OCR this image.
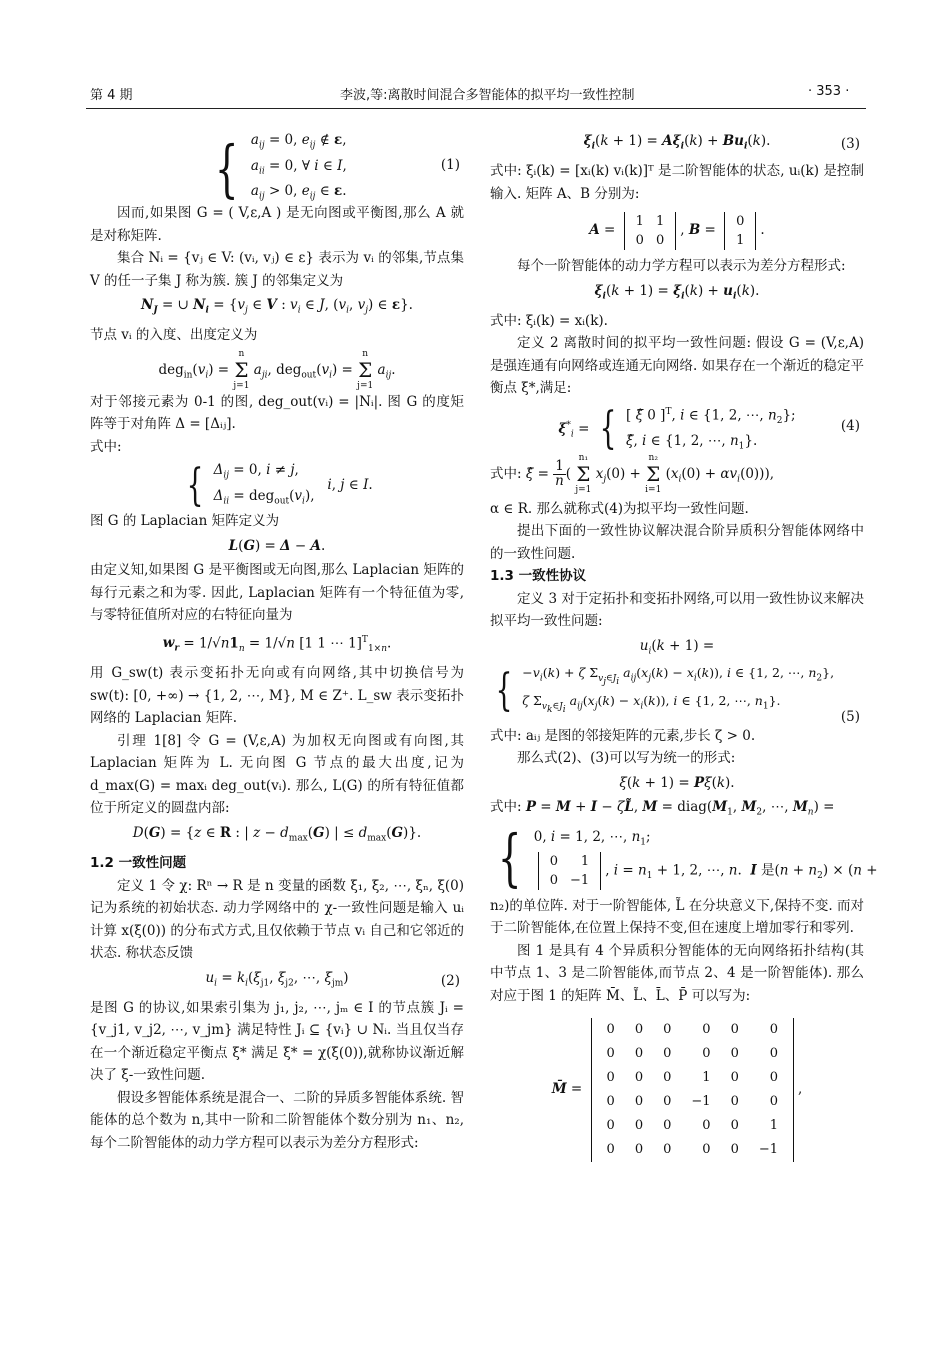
第 4 期	李波,等:离散时间混合多智能体的拟平均一致性控制	· 353 ·
{ $a_{ij} = 0$, $e_{ij}$ ∉ ε,
$a_{ii} = 0$, ∀ i ∈ I,
$a_{ij} > 0$, $e_{ij}$ ∈ ε.
(1)

因而,如果图 G = ( V,ε,A ) 是无向图或平衡图,那么 A 就是对称矩阵.

集合 Nᵢ = {vⱼ ∈ V: (vᵢ, vⱼ) ∈ ε} 表示为 vᵢ 的邻集,节点集 V 的任一子集 J 称为簇. 簇 J 的邻集定义为

$N_J$ = ∪ $N_i = \{v_j$ ∈ V : $v_i$ ∈ J, ($v_i$, $v_j$) ∈ ε}.

节点 vᵢ 的入度、出度定义为

$deg_{in}(v_i) = n$
Σ
j=1 $a_{ji}$, $deg_{out}(v_i) = n$
Σ
j=1 $a_{ij}$.

对于邻接元素为 0-1 的图, deg_out(vᵢ) = |Nᵢ|. 图 G 的度矩阵等于对角阵 Δ = [Δᵢⱼ].

式中:

{ $\Delta_{ij} = 0$, i ≠ j,
$\Delta_{ii} = deg_{out}(v_i)$,   i, j ∈ I.

图 G 的 Laplacian 矩阵定义为

L(G) = Δ − A.

由定义知,如果图 G 是平衡图或无向图,那么 Laplacian 矩阵的每行元素之和为零. 因此, Laplacian 矩阵有一个特征值为零,与零特征值所对应的右特征向量为

$w_r = 1/√n1_n = 1/√n$ [1 1 ⋯ 1]$^T_{1\times n}$.

用 G_sw(t) 表示变拓扑无向或有向网络,其中切换信号为 sw(t): [0, +∞) → {1, 2, ⋯, M}, M ∈ Z⁺. L_sw 表示变拓扑网络的 Laplacian 矩阵.

引理 1[8] 令 G = (V,ε,A) 为加权无向图或有向图,其 Laplacian 矩阵为 L. 无向图 G 节点的最大出度,记为 d_max(G) = maxᵢ deg_out(vᵢ). 那么, L(G) 的所有特征值都位于所定义的圆盘内部:

D(G) = {z ∈ R : | $z - d_{max}(G)$ | ≤ $d_{max}(G)$}.

1.2 一致性问题

定义 1 令 χ: Rⁿ → R 是 n 变量的函数 ξ₁, ξ₂, ⋯, ξₙ, ξ(0) 记为系统的初始状态. 动力学网络中的 χ-一致性问题是输入 uᵢ 计算 x(ξ(0)) 的分布式方式,且仅依赖于节点 vᵢ 自己和它邻近的状态. 称状态反馈

$u_i = k_i(\xi_{j1}$, $\xi_{j2}$, ⋯, $\xi_{jm}$)	(2)

是图 G 的协议,如果索引集为 j₁, j₂, ⋯, jₘ ∈ I 的节点簇 Jᵢ = {v_j1, v_j2, ⋯, v_jm} 满足特性 Jᵢ ⊆ {vᵢ} ∪ Nᵢ. 当且仅当存在一个渐近稳定平衡点 ξ* 满足 ξ* = χ(ξ(0)),就称协议渐近解决了 ξ-一致性问题.

假设多智能体系统是混合一、二阶的异质多智能体系统. 智能体的总个数为 n,其中一阶和二阶智能体个数分别为 n₁、n₂,每个二阶智能体的动力学方程可以表示为差分方程形式:

$\xi_i(k + 1) = A\xi_i(k) + Bu_i(k)$.	(3)

式中: ξᵢ(k) = [xᵢ(k) vᵢ(k)]ᵀ 是二阶智能体的状态, uᵢ(k) 是控制输入. 矩阵 A、B 分别为:

A =
1	1
0	0
, B =
0
1
.

每个一阶智能体的动力学方程可以表示为差分方程形式:

$\xi_i(k + 1) = \xi_i(k) + u_i(k)$.

式中: ξᵢ(k) = xᵢ(k).

定义 2 离散时间的拟平均一致性问题: 假设 G = (V,ε,A) 是强连通有向网络或连通无向网络. 如果存在一个渐近的稳定平衡点 ξ*,满足:

$\xi^*_i$ = { [ ξ̂ 0 ]$^T$, i ∈ {1, 2, ⋯, $n_2$};
ξ̂, i ∈ {1, 2, ⋯, $n_1$}.
(4)
式中: ξ̂ = $\frac{1}{n}$( n₁
Σ
j=1 $x_j(0) + n_2$
Σ
i=1 $(x_i(0) + \alpha v_i(0))$),

α ∈ R. 那么就称式(4)为拟平均一致性问题.

提出下面的一致性协议解决混合阶异质积分智能体网络中的一致性问题.

1.3 一致性协议

定义 3 对于定拓扑和变拓扑网络,可以用一致性协议来解决拟平均一致性问题:

$u_i(k + 1)$ =
{ $-v_i(k) + \zeta$ $\Sigma_{v_j\in J_i}$ $a_{ij}(x_j(k) - x_i(k))$, i ∈ {1, 2, ⋯, $n_2$},
ζ $\Sigma_{v_k\in J_i}$ $a_{ij}(x_j(k) - x_i(k))$, i ∈ {1, 2, ⋯, $n_1$}.
(5)

式中: aᵢⱼ 是图的邻接矩阵的元素,步长 ζ > 0.

那么式(2)、(3)可以写为统一的形式:

ξ(k + 1) = Pξ(k).

式中: P = M + I − ζL̃, $M = diag(M_1$, $M_2$, ⋯, $M_n$) =

{ 0, i = 1, 2, ⋯, $n_1$;

0	1
0	−1
, $i = n_1 + 1$, 2, ⋯, n.  I 是$(n + n_2) \times (n$ +

n₂)的单位阵. 对于一阶智能体, L̃ 在分块意义下,保持不变. 而对于二阶智能体,在位置上保持不变,但在速度上增加零行和零列.

图 1 是具有 4 个异质积分智能体的无向网络拓扑结构(其中节点 1、3 是二阶智能体,而节点 2、4 是一阶智能体). 那么对应于图 1 的矩阵 M̄、L̃、L̄、P̄ 可以写为:

M̄ =
0	0	0	0	0	0
0	0	0	0	0	0
0	0	0	1	0	0
0	0	0	−1	0	0
0	0	0	0	0	1
0	0	0	0	0	−1
,
